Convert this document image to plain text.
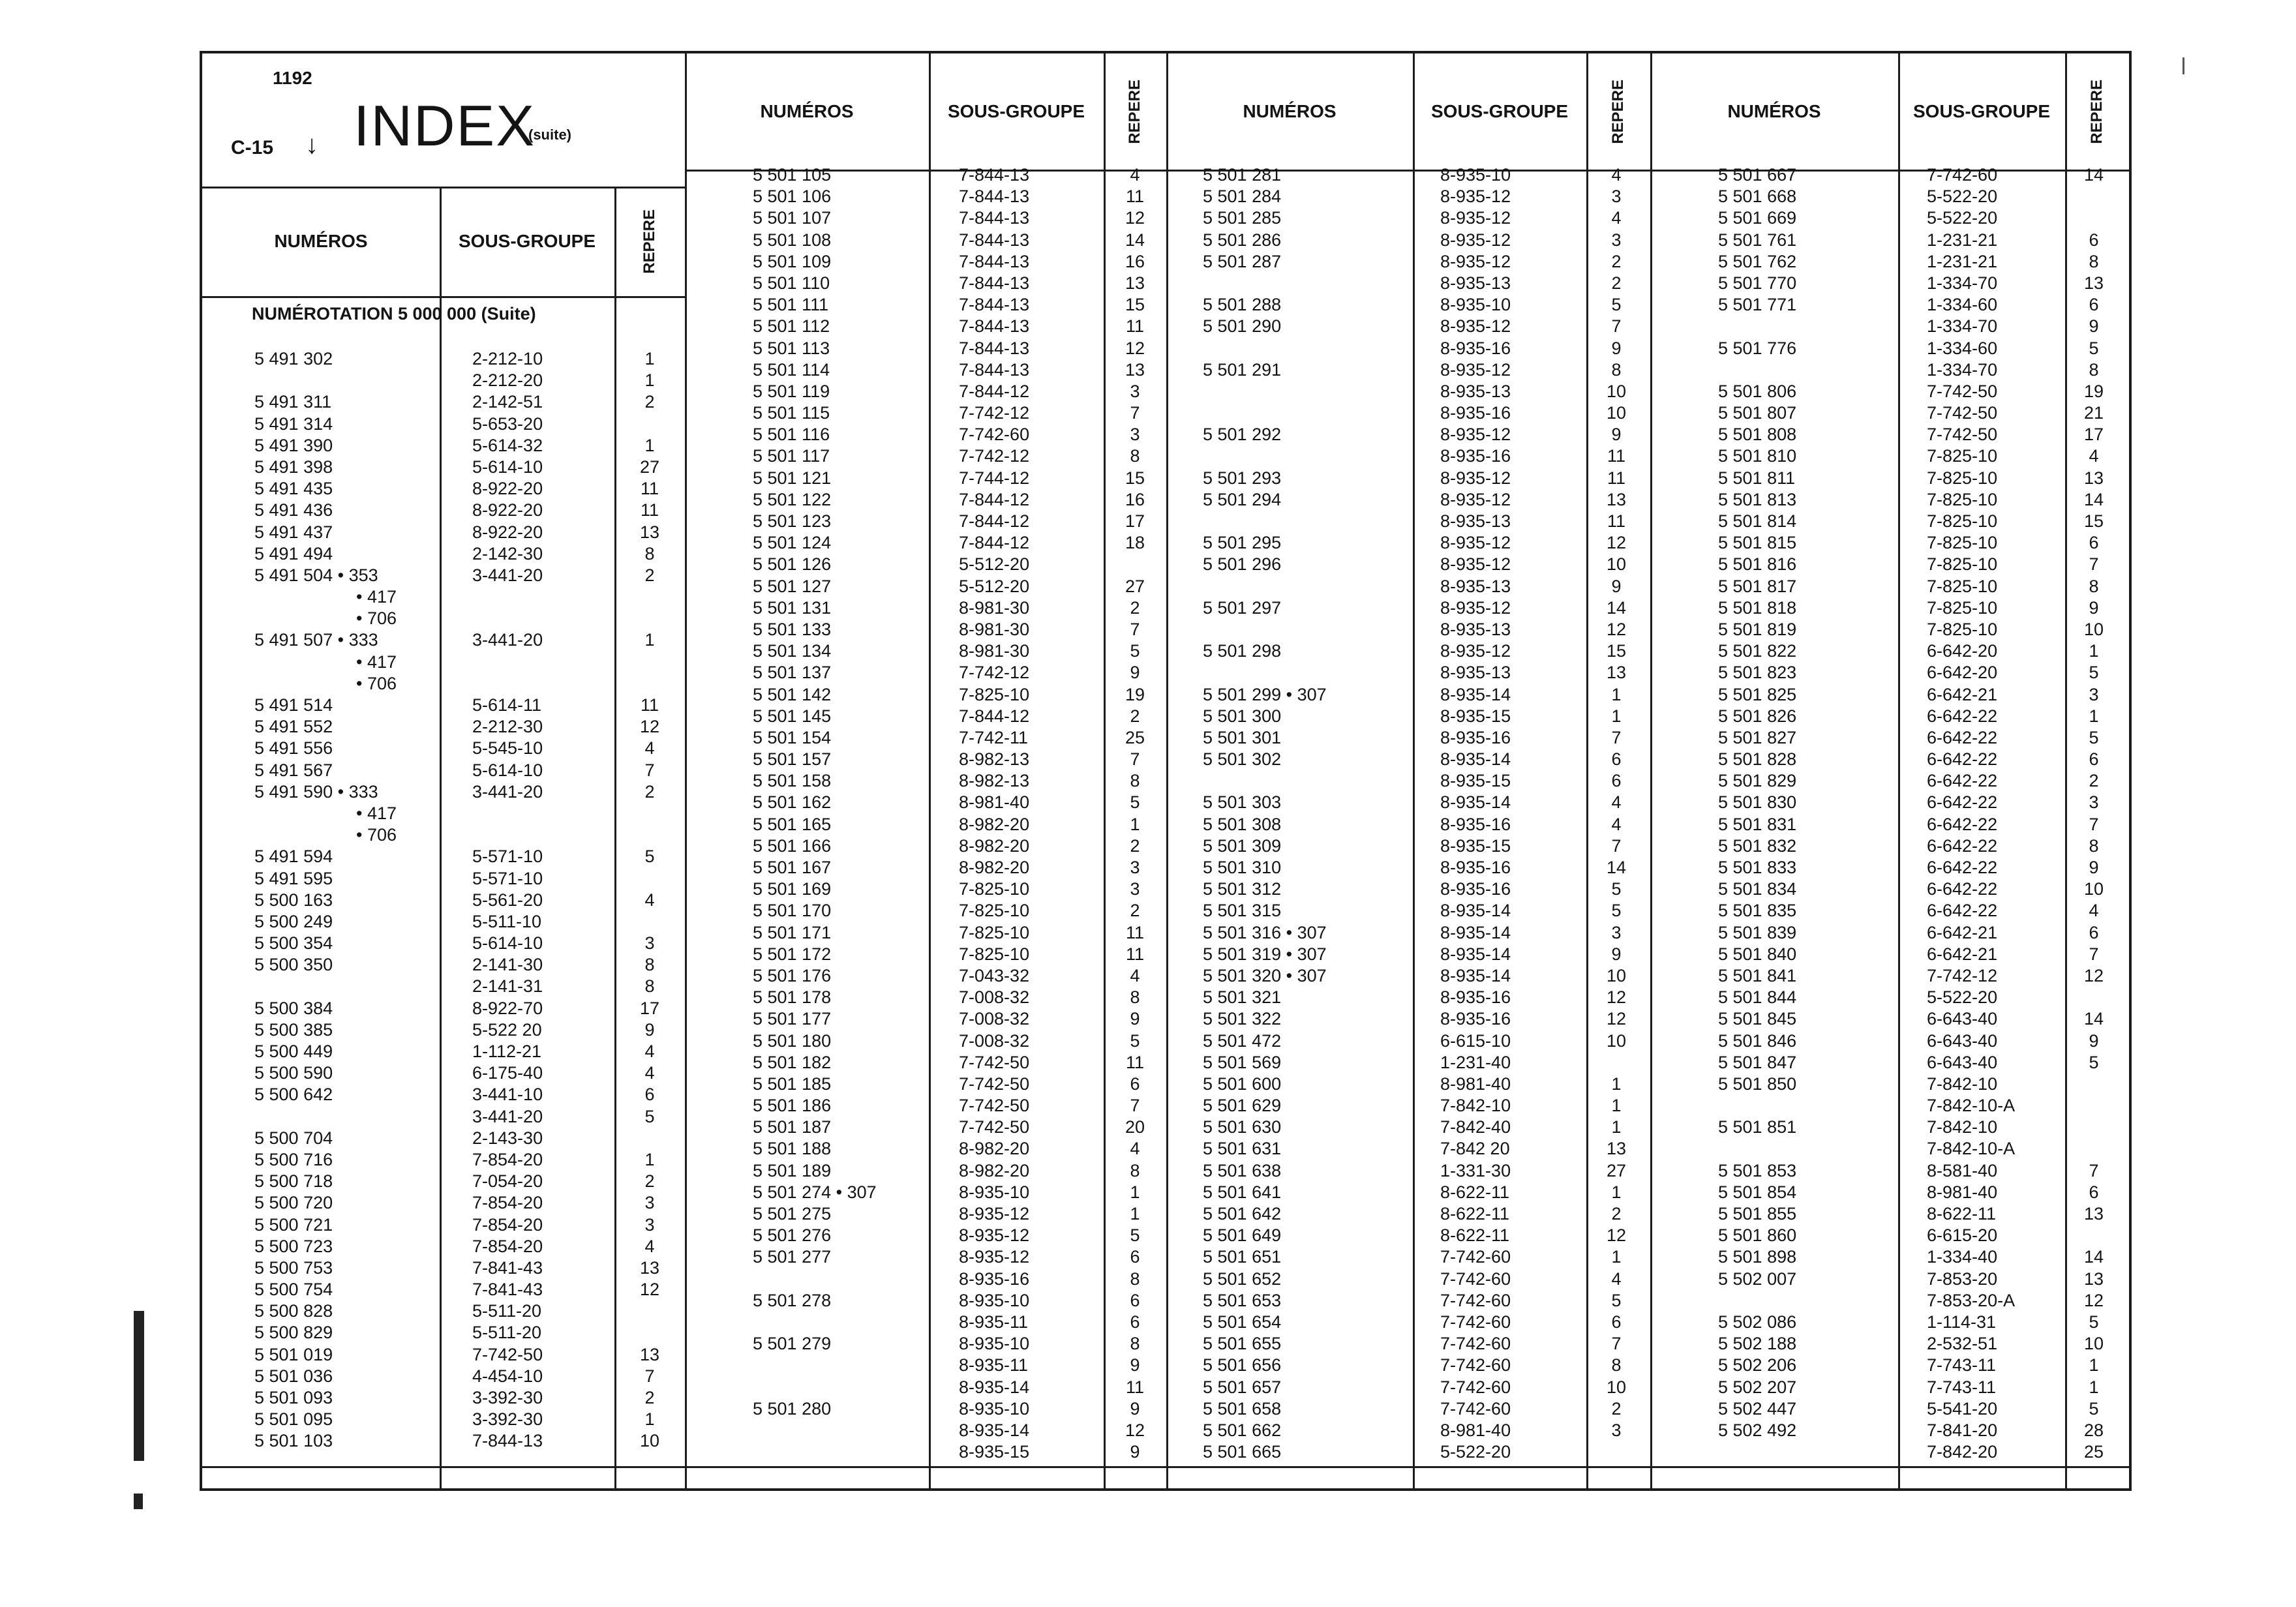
1192
C-15 ↓ INDEX
(suite)
NUMÉROS	SOUS-GROUPE	REPERE
NUMÉROTATION 5 000 000 (Suite)
5 491 302	2-212-10	1
2-212-20	1
5 491 311	2-142-51	2
5 491 314	5-653-20
5 491 390	5-614-32	1
5 491 398	5-614-10	27
5 491 435	8-922-20	11
5 491 436	8-922-20	11
5 491 437	8-922-20	13
5 491 494	2-142-30	8
5 491 504 • 353	3-441-20	2
• 417
• 706
5 491 507 • 333	3-441-20	1
• 417
• 706
5 491 514	5-614-11	11
5 491 552	2-212-30	12
5 491 556	5-545-10	4
5 491 567	5-614-10	7
5 491 590 • 333	3-441-20	2
• 417
• 706
5 491 594	5-571-10	5
5 491 595	5-571-10
5 500 163	5-561-20	4
5 500 249	5-511-10
5 500 354	5-614-10	3
5 500 350	2-141-30	8
2-141-31	8
5 500 384	8-922-70	17
5 500 385	5-522 20	9
5 500 449	1-112-21	4
5 500 590	6-175-40	4
5 500 642	3-441-10	6
3-441-20	5
5 500 704	2-143-30
5 500 716	7-854-20	1
5 500 718	7-054-20	2
5 500 720	7-854-20	3
5 500 721	7-854-20	3
5 500 723	7-854-20	4
5 500 753	7-841-43	13
5 500 754	7-841-43	12
5 500 828	5-511-20
5 500 829	5-511-20
5 501 019	7-742-50	13
5 501 036	4-454-10	7
5 501 093	3-392-30	2
5 501 095	3-392-30	1
5 501 103	7-844-13	10
NUMÉROS	SOUS-GROUPE	REPERE
5 501 105	7-844-13	4
5 501 106	7-844-13	11
5 501 107	7-844-13	12
5 501 108	7-844-13	14
5 501 109	7-844-13	16
5 501 110	7-844-13	13
5 501 111	7-844-13	15
5 501 112	7-844-13	11
5 501 113	7-844-13	12
5 501 114	7-844-13	13
5 501 119	7-844-12	3
5 501 115	7-742-12	7
5 501 116	7-742-60	3
5 501 117	7-742-12	8
5 501 121	7-744-12	15
5 501 122	7-844-12	16
5 501 123	7-844-12	17
5 501 124	7-844-12	18
5 501 126	5-512-20
5 501 127	5-512-20	27
5 501 131	8-981-30	2
5 501 133	8-981-30	7
5 501 134	8-981-30	5
5 501 137	7-742-12	9
5 501 142	7-825-10	19
5 501 145	7-844-12	2
5 501 154	7-742-11	25
5 501 157	8-982-13	7
5 501 158	8-982-13	8
5 501 162	8-981-40	5
5 501 165	8-982-20	1
5 501 166	8-982-20	2
5 501 167	8-982-20	3
5 501 169	7-825-10	3
5 501 170	7-825-10	2
5 501 171	7-825-10	11
5 501 172	7-825-10	11
5 501 176	7-043-32	4
5 501 178	7-008-32	8
5 501 177	7-008-32	9
5 501 180	7-008-32	5
5 501 182	7-742-50	11
5 501 185	7-742-50	6
5 501 186	7-742-50	7
5 501 187	7-742-50	20
5 501 188	8-982-20	4
5 501 189	8-982-20	8
5 501 274 • 307	8-935-10	1
5 501 275	8-935-12	1
5 501 276	8-935-12	5
5 501 277	8-935-12	6
8-935-16	8
5 501 278	8-935-10	6
8-935-11	6
5 501 279	8-935-10	8
8-935-11	9
8-935-14	11
5 501 280	8-935-10	9
8-935-14	12
8-935-15	9
NUMÉROS	SOUS-GROUPE	REPERE
5 501 281	8-935-10	4
5 501 284	8-935-12	3
5 501 285	8-935-12	4
5 501 286	8-935-12	3
5 501 287	8-935-12	2
8-935-13	2
5 501 288	8-935-10	5
5 501 290	8-935-12	7
8-935-16	9
5 501 291	8-935-12	8
8-935-13	10
8-935-16	10
5 501 292	8-935-12	9
8-935-16	11
5 501 293	8-935-12	11
5 501 294	8-935-12	13
8-935-13	11
5 501 295	8-935-12	12
5 501 296	8-935-12	10
8-935-13	9
5 501 297	8-935-12	14
8-935-13	12
5 501 298	8-935-12	15
8-935-13	13
5 501 299 • 307	8-935-14	1
5 501 300	8-935-15	1
5 501 301	8-935-16	7
5 501 302	8-935-14	6
8-935-15	6
5 501 303	8-935-14	4
5 501 308	8-935-16	4
5 501 309	8-935-15	7
5 501 310	8-935-16	14
5 501 312	8-935-16	5
5 501 315	8-935-14	5
5 501 316 • 307	8-935-14	3
5 501 319 • 307	8-935-14	9
5 501 320 • 307	8-935-14	10
5 501 321	8-935-16	12
5 501 322	8-935-16	12
5 501 472	6-615-10	10
5 501 569	1-231-40
5 501 600	8-981-40	1
5 501 629	7-842-10	1
5 501 630	7-842-40	1
5 501 631	7-842 20	13
5 501 638	1-331-30	27
5 501 641	8-622-11	1
5 501 642	8-622-11	2
5 501 649	8-622-11	12
5 501 651	7-742-60	1
5 501 652	7-742-60	4
5 501 653	7-742-60	5
5 501 654	7-742-60	6
5 501 655	7-742-60	7
5 501 656	7-742-60	8
5 501 657	7-742-60	10
5 501 658	7-742-60	2
5 501 662	8-981-40	3
5 501 665	5-522-20
NUMÉROS	SOUS-GROUPE	REPERE
5 501 667	7-742-60	14
5 501 668	5-522-20
5 501 669	5-522-20
5 501 761	1-231-21	6
5 501 762	1-231-21	8
5 501 770	1-334-70	13
5 501 771	1-334-60	6
1-334-70	9
5 501 776	1-334-60	5
1-334-70	8
5 501 806	7-742-50	19
5 501 807	7-742-50	21
5 501 808	7-742-50	17
5 501 810	7-825-10	4
5 501 811	7-825-10	13
5 501 813	7-825-10	14
5 501 814	7-825-10	15
5 501 815	7-825-10	6
5 501 816	7-825-10	7
5 501 817	7-825-10	8
5 501 818	7-825-10	9
5 501 819	7-825-10	10
5 501 822	6-642-20	1
5 501 823	6-642-20	5
5 501 825	6-642-21	3
5 501 826	6-642-22	1
5 501 827	6-642-22	5
5 501 828	6-642-22	6
5 501 829	6-642-22	2
5 501 830	6-642-22	3
5 501 831	6-642-22	7
5 501 832	6-642-22	8
5 501 833	6-642-22	9
5 501 834	6-642-22	10
5 501 835	6-642-22	4
5 501 839	6-642-21	6
5 501 840	6-642-21	7
5 501 841	7-742-12	12
5 501 844	5-522-20
5 501 845	6-643-40	14
5 501 846	6-643-40	9
5 501 847	6-643-40	5
5 501 850	7-842-10
7-842-10-A
5 501 851	7-842-10
7-842-10-A
5 501 853	8-581-40	7
5 501 854	8-981-40	6
5 501 855	8-622-11	13
5 501 860	6-615-20
5 501 898	1-334-40	14
5 502 007	7-853-20	13
7-853-20-A	12
5 502 086	1-114-31	5
5 502 188	2-532-51	10
5 502 206	7-743-11	1
5 502 207	7-743-11	1
5 502 447	5-541-20	5
5 502 492	7-841-20	28
7-842-20	25
